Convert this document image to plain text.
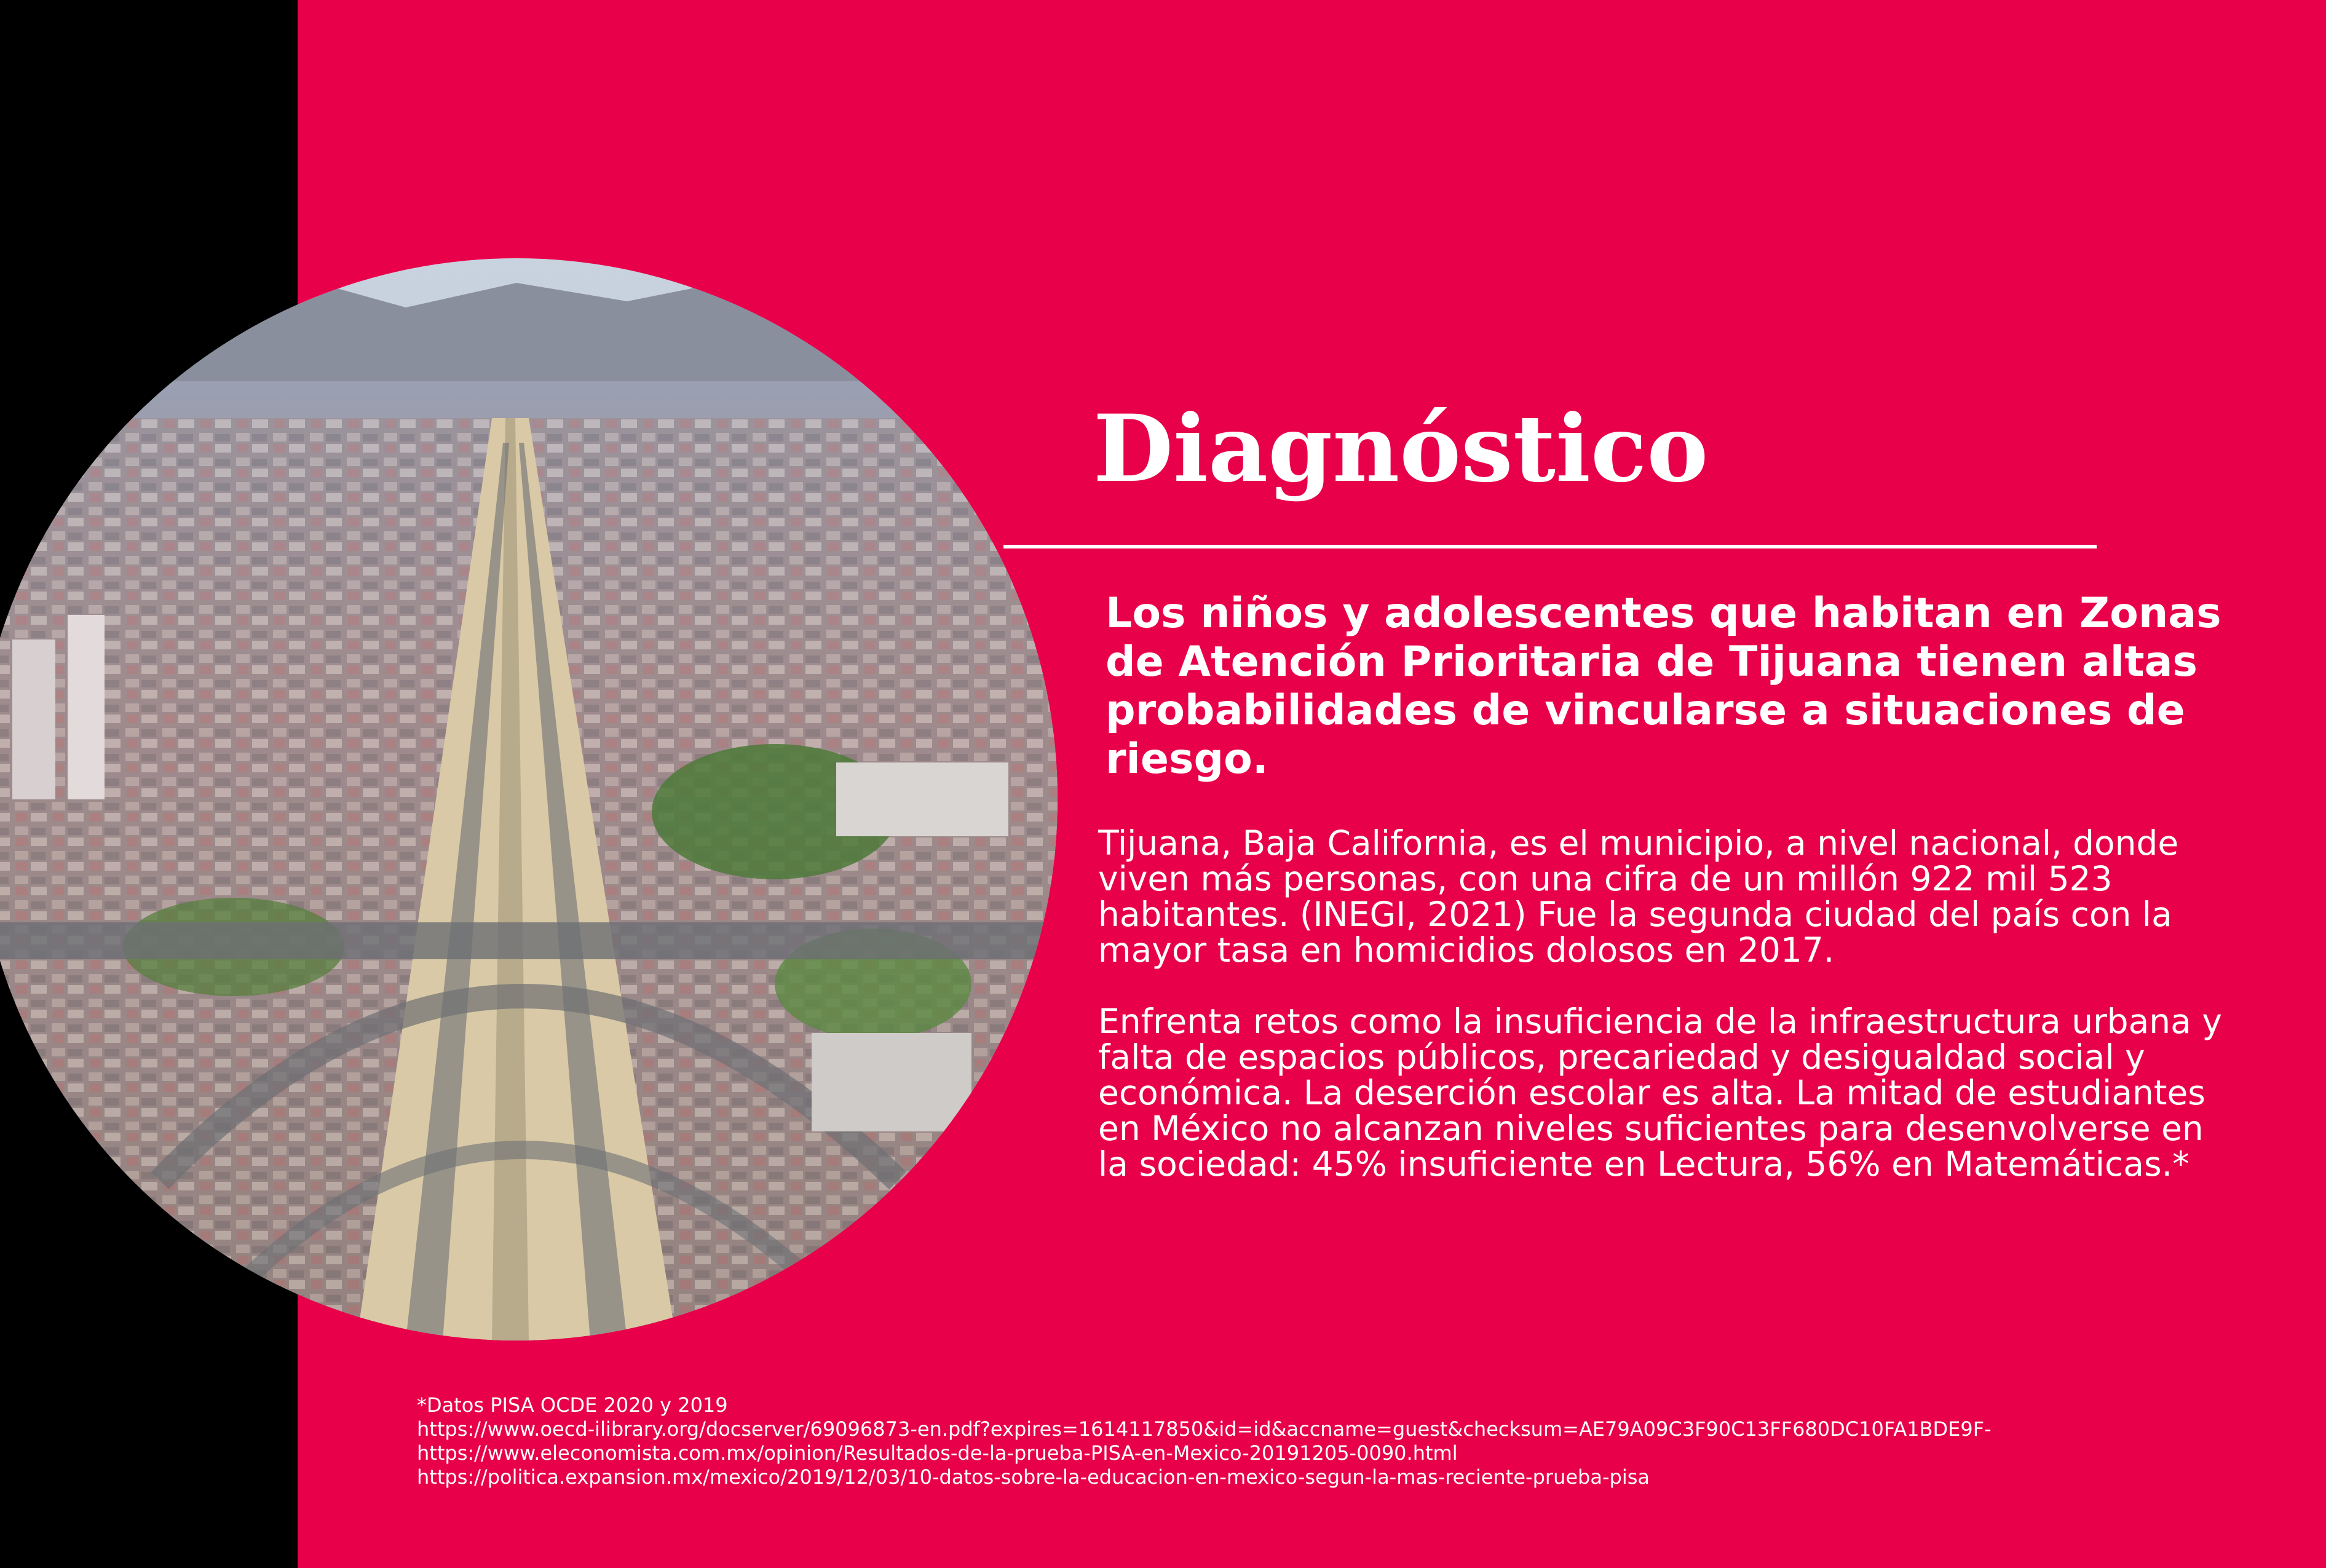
Diagnóstico

Los niños y adolescentes que habitan en Zonas de Atención Prioritaria de Tijuana tienen altas probabilidades de vincularse a situaciones de riesgo.

Tijuana, Baja California, es el municipio, a nivel nacional, donde viven más personas, con una cifra de un millón 922 mil 523 habitantes. (INEGI, 2021) Fue la segunda ciudad del país con la mayor tasa en homicidios dolosos en 2017.

Enfrenta retos como la insuficiencia de la infraestructura urbana y falta de espacios públicos, precariedad y desigualdad social y económica. La deserción escolar es alta. La mitad de estudiantes en México no alcanzan niveles suficientes para desenvolverse en la sociedad: 45% insuficiente en Lectura, 56% en Matemáticas.*

*Datos PISA OCDE 2020 y 2019
https://www.oecd-ilibrary.org/docserver/69096873-en.pdf?expires=1614117850&id=id&accname=guest&checksum=AE79A09C3F90C13FF680DC10FA1BDE9F-
https://www.eleconomista.com.mx/opinion/Resultados-de-la-prueba-PISA-en-Mexico-20191205-0090.html
https://politica.expansion.mx/mexico/2019/12/03/10-datos-sobre-la-educacion-en-mexico-segun-la-mas-reciente-prueba-pisa
